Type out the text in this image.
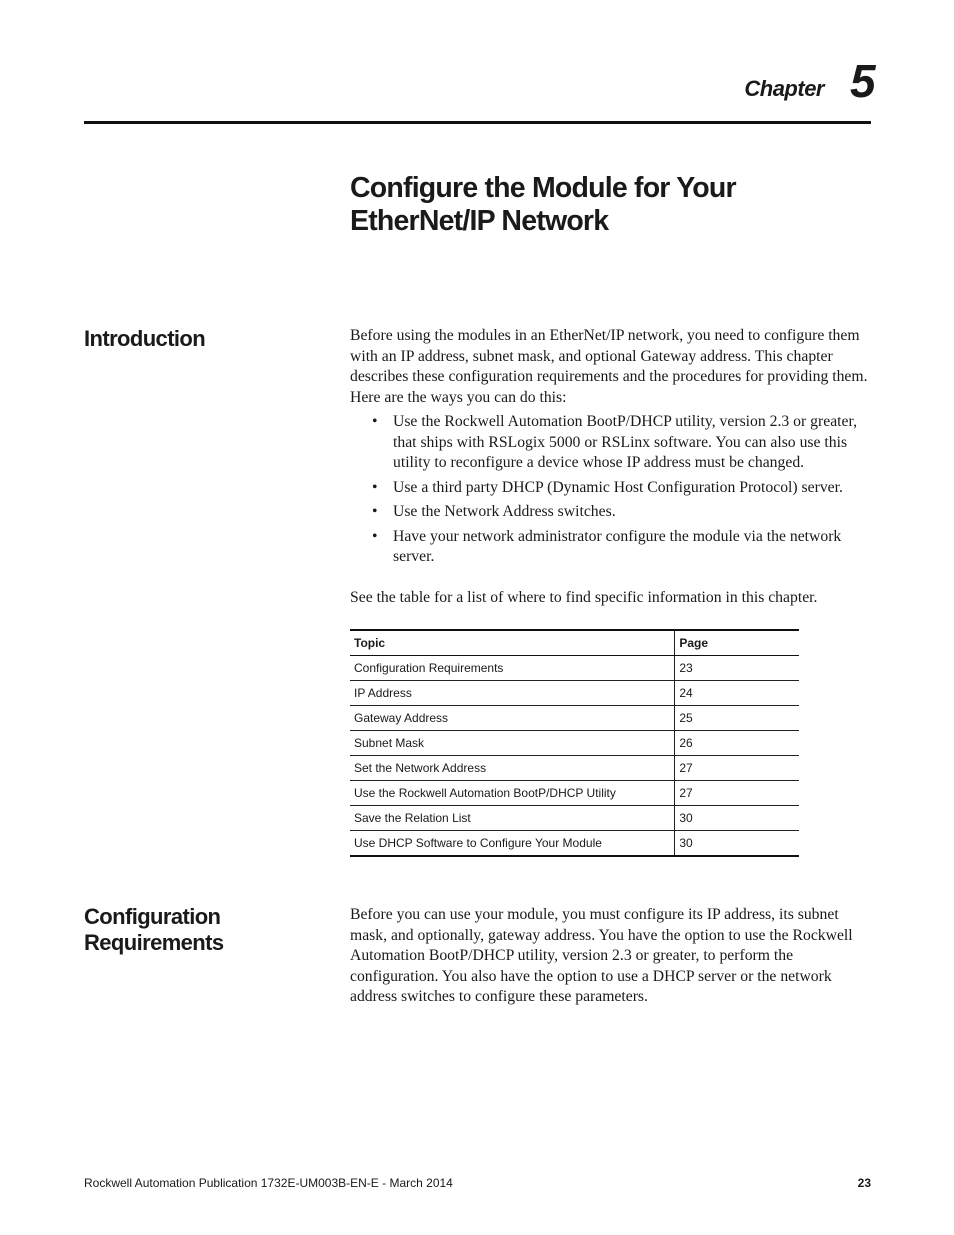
Chapter 5
Configure the Module for Your
EtherNet/IP Network
Introduction	Before using the modules in an EtherNet/IP network, you need to configure them with an IP address, subnet mask, and optional Gateway address. This chapter describes these configuration requirements and the procedures for providing them. Here are the ways you can do this:

• Use the Rockwell Automation BootP/DHCP utility, version 2.3 or greater, that ships with RSLogix 5000 or RSLinx software. You can also use this utility to reconfigure a device whose IP address must be changed.
• Use a third party DHCP (Dynamic Host Configuration Protocol) server.
• Use the Network Address switches.
• Have your network administrator configure the module via the network server.

See the table for a list of where to find specific information in this chapter.

Topic	Page
Configuration Requirements	23
IP Address	24
Gateway Address	25
Subnet Mask	26
Set the Network Address	27
Use the Rockwell Automation BootP/DHCP Utility	27
Save the Relation List	30
Use DHCP Software to Configure Your Module	30
Configuration
Requirements

Before you can use your module, you must configure its IP address, its subnet mask, and optionally, gateway address. You have the option to use the Rockwell Automation BootP/DHCP utility, version 2.3 or greater, to perform the configuration. You also have the option to use a DHCP server or the network address switches to configure these parameters.

Rockwell Automation Publication 1732E-UM003B-EN-E - March 2014	23
